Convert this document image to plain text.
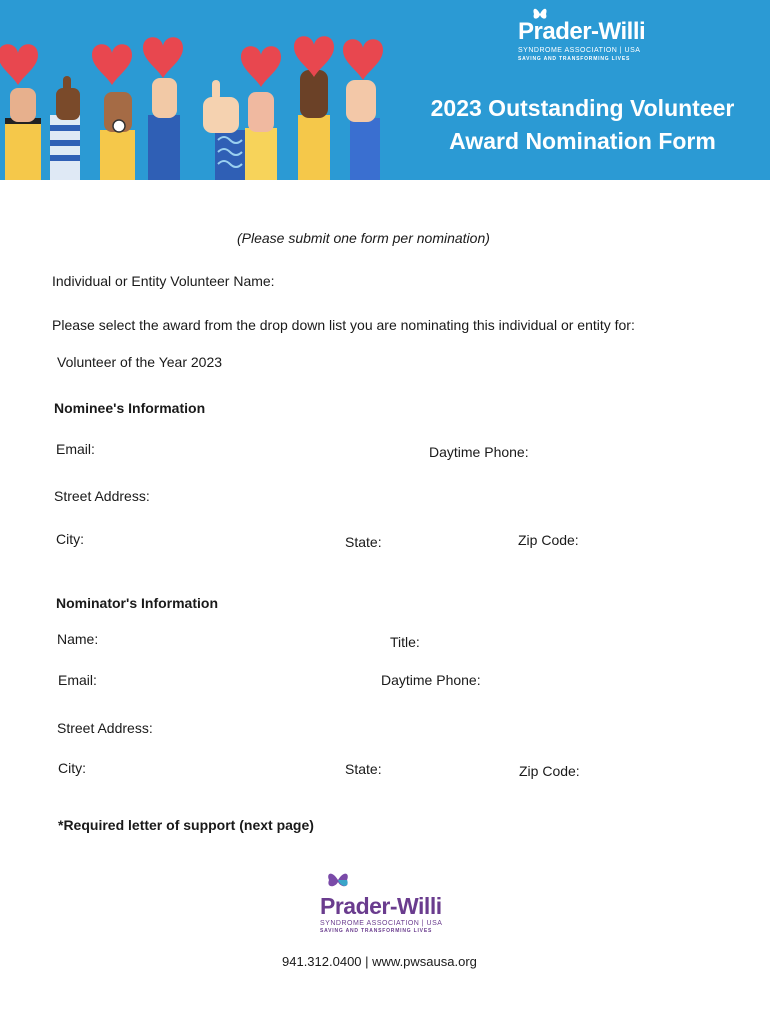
Prader-Willi
SYNDROME ASSOCIATION | USA
SAVING AND TRANSFORMING LIVES
2023 Outstanding Volunteer
Award Nomination Form
(Please submit one form per nomination)
Individual or Entity Volunteer Name:
Please select the award from the drop down list you are nominating this individual or entity for:
Volunteer of the Year 2023
Nominee's Information
Email:	Daytime Phone:
Street Address:
City:	State:	Zip Code:
Nominator's Information
Name:	Title:
Email:	Daytime Phone:
Street Address:
City:	State:	Zip Code:
*Required letter of support (next page)
Prader-Willi
SYNDROME ASSOCIATION | USA
SAVING AND TRANSFORMING LIVES
941.312.0400 | www.pwsausa.org
